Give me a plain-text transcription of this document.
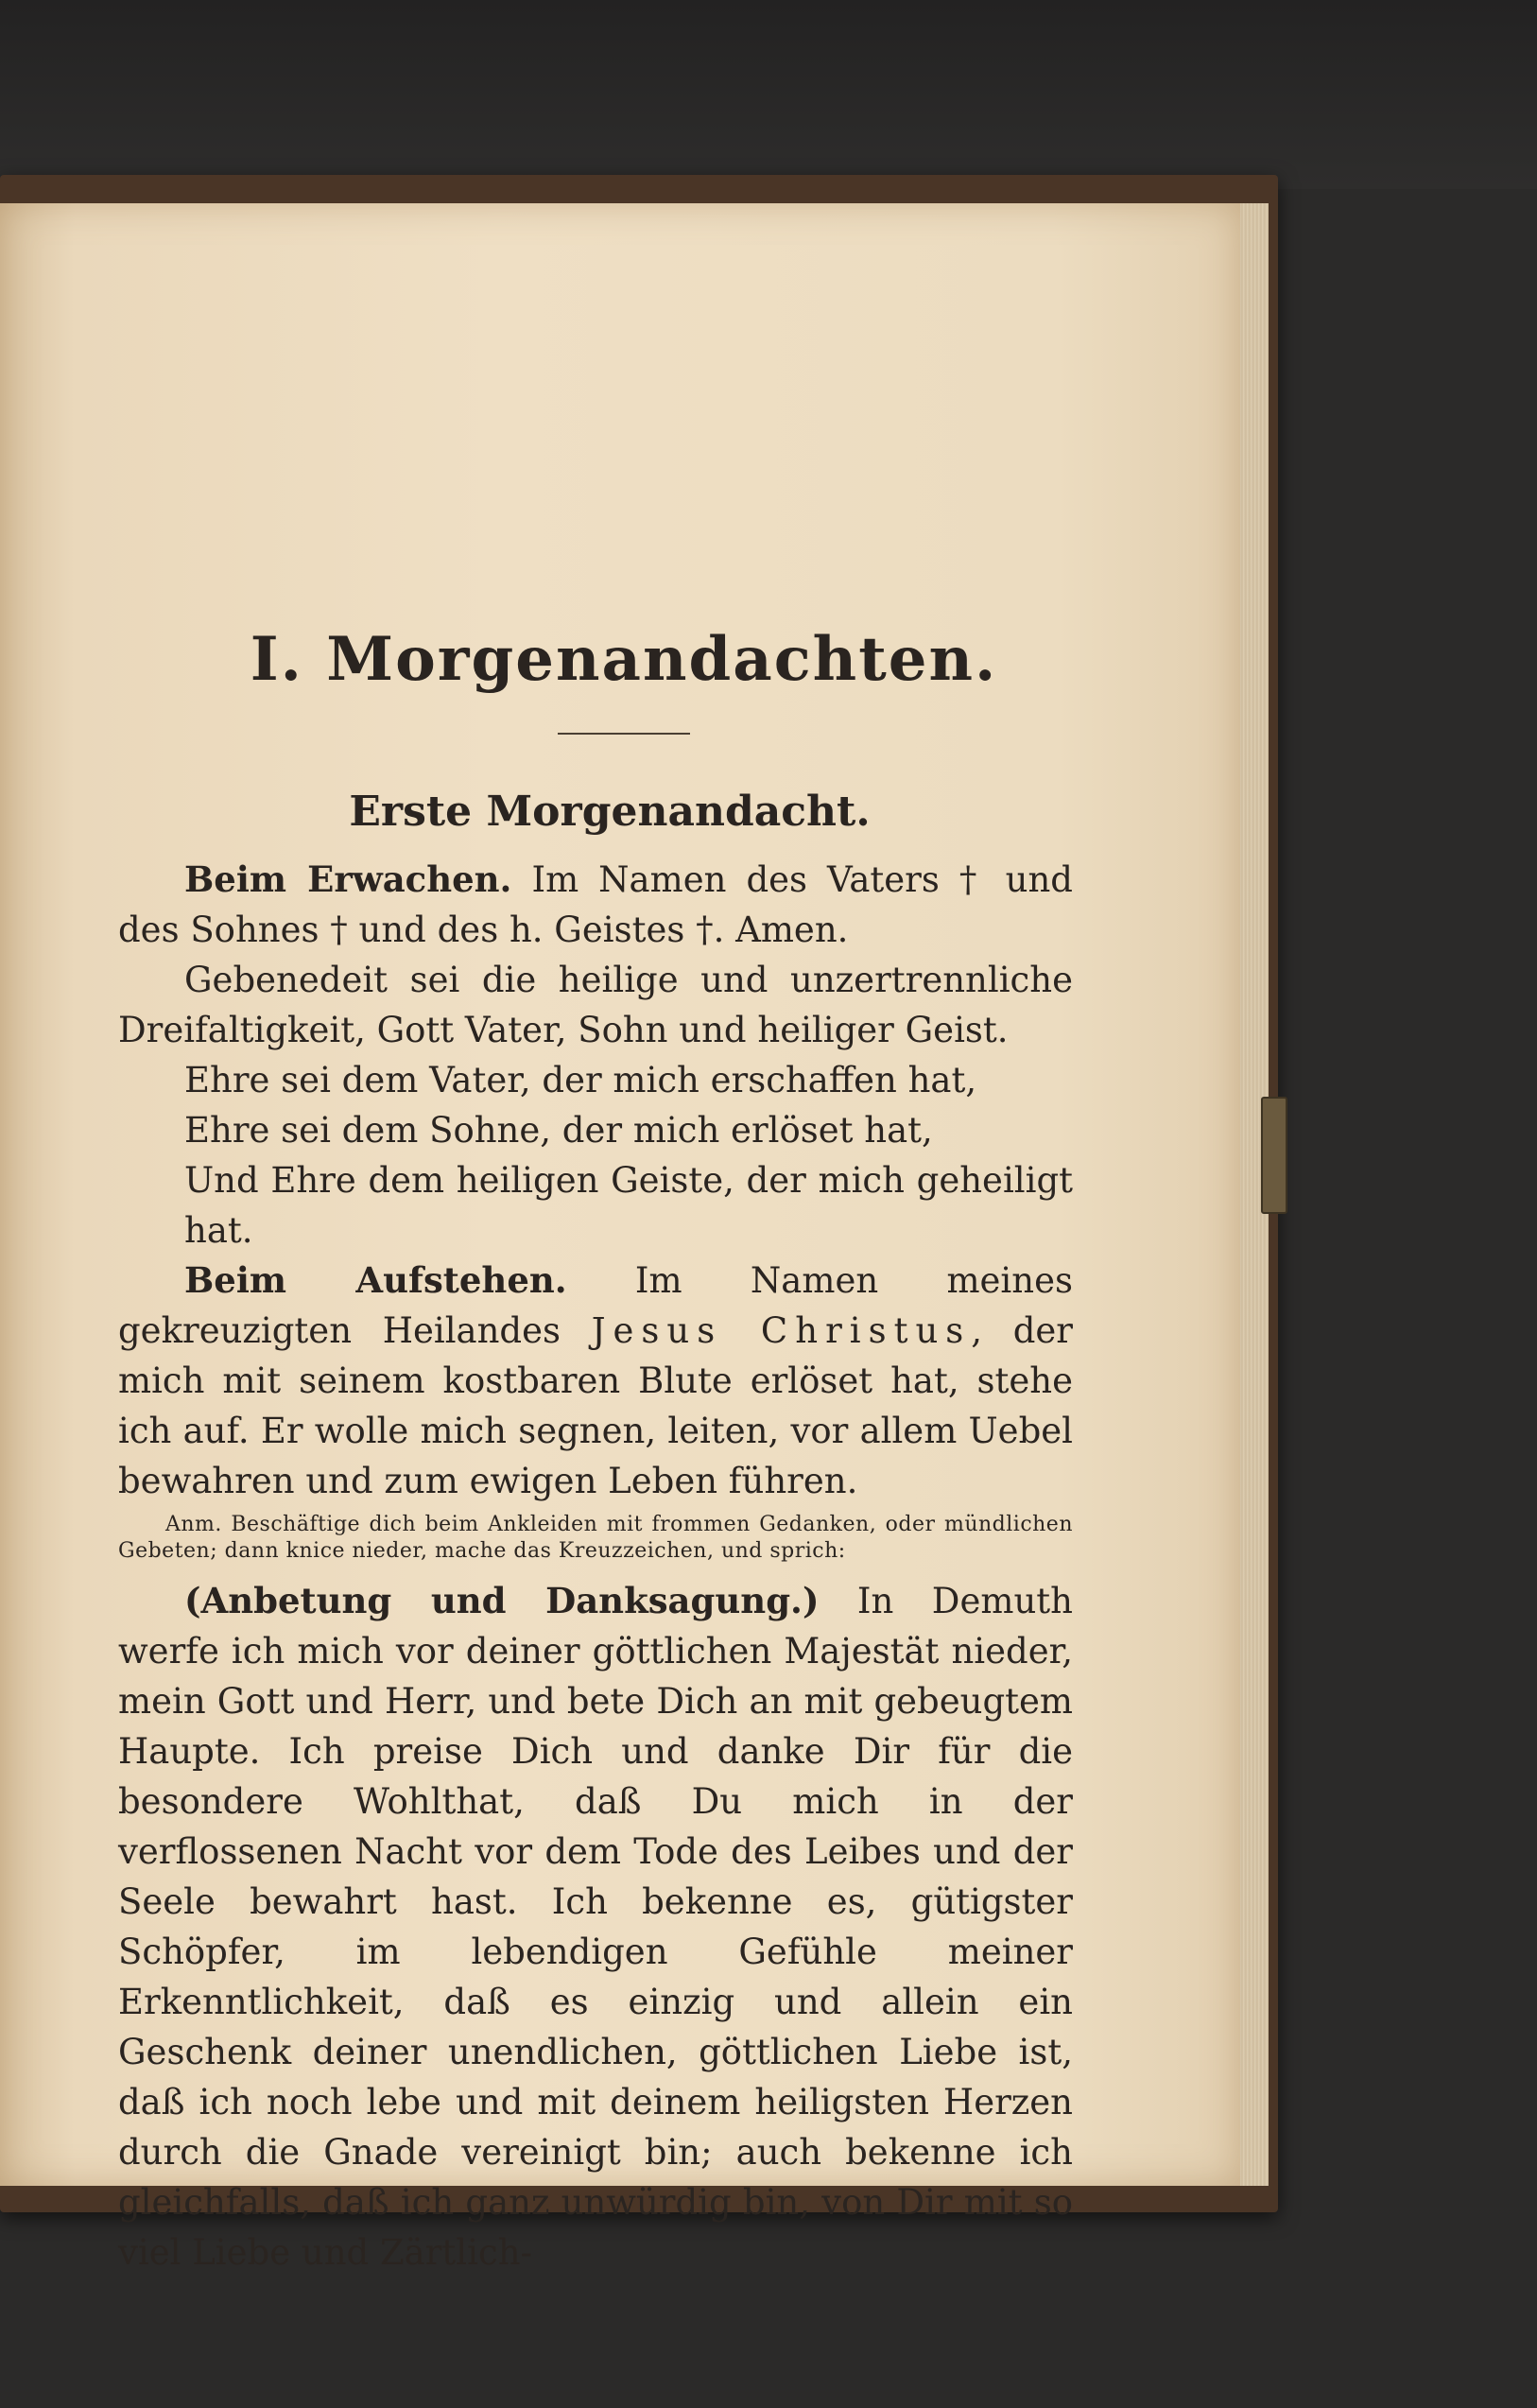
I. Morgenandachten.
Erste Morgenandacht.

Beim Erwachen. Im Namen des Vaters † und des Sohnes † und des h. Geistes †. Amen.

Gebenedeit sei die heilige und unzertrennliche Dreifaltigkeit, Gott Vater, Sohn und heiliger Geist.

Ehre sei dem Vater, der mich erschaffen hat,

Ehre sei dem Sohne, der mich erlöset hat,

Und Ehre dem heiligen Geiste, der mich geheiligt hat.

Beim Aufstehen. Im Namen meines gekreuzigten Heilandes Jesus Christus, der mich mit seinem kostbaren Blute erlöset hat, stehe ich auf. Er wolle mich segnen, leiten, vor allem Uebel bewahren und zum ewigen Leben führen.

Anm. Beschäftige dich beim Ankleiden mit frommen Gedanken, oder mündlichen Gebeten; dann knice nieder, mache das Kreuzzeichen, und sprich:

(Anbetung und Danksagung.) In Demuth werfe ich mich vor deiner göttlichen Majestät nieder, mein Gott und Herr, und bete Dich an mit gebeugtem Haupte. Ich preise Dich und danke Dir für die besondere Wohlthat, daß Du mich in der verflossenen Nacht vor dem Tode des Leibes und der Seele bewahrt hast. Ich bekenne es, gütigster Schöpfer, im lebendigen Gefühle meiner Erkenntlichkeit, daß es einzig und allein ein Geschenk deiner unendlichen, göttlichen Liebe ist, daß ich noch lebe und mit deinem heiligsten Herzen durch die Gnade vereinigt bin; auch bekenne ich gleichfalls, daß ich ganz unwürdig bin, von Dir mit so viel Liebe und Zärtlich-
